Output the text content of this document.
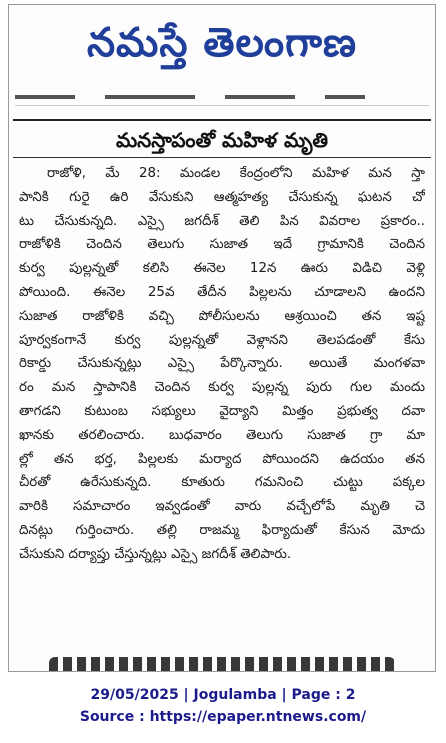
నమస్తే తెలంగాణ
మనస్తాపంతో మహిళ మృతి
రాజోళి, మే 28: మండల కేంద్రంలోని మహిళ మన స్తా
పానికి గురై ఉరి వేసుకుని ఆత్మహత్య చేసుకున్న ఘటన చో
టు చేసుకున్నది. ఎస్సై జగదీశ్ తెలి పిన వివరాల ప్రకారం..
రాజోళికి చెందిన తెలుగు సుజాత ఇదే గ్రామానికి చెందిన
కుర్వ పుల్లన్నతో కలిసి ఈనెల 12న ఊరు విడిచి వెళ్లి
పోయింది. ఈనెల 25వ తేదీన పిల్లలను చూడాలని ఉందని
సుజాత రాజోళికి వచ్చి పోలీసులను ఆశ్రయించి తన ఇష్ట
పూర్వకంగానే కుర్వ పుల్లన్నతో వెళ్లానని తెలపడంతో కేసు
రికార్డు చేసుకున్నట్లు ఎస్సై పేర్కొన్నారు. అయితే మంగళవా
రం మన స్తాపానికి చెందిన కుర్వ పుల్లన్న పురు గుల మందు
తాగడని కుటుంబ సభ్యులు వైద్యాని మిత్తం ప్రభుత్వ దవా
ఖానకు తరలించారు. బుధవారం తెలుగు సుజాత గ్రా మా
ల్లో తన భర్త, పిల్లలకు మర్యాద పోయిందని ఉదయం తన
చీరతో ఉరేసుకున్నది. కూతురు గమనించి చుట్టు పక్కల
వారికి సమాచారం ఇవ్వడంతో వారు వచ్చేలోపే మృతి చె
దినట్లు గుర్తించారు. తల్లి రాజమ్మ ఫిర్యాదుతో కేసున మోదు
చేసుకుని దర్యాప్తు చేస్తున్నట్లు ఎస్సై జగదీశ్ తెలిపారు.
29/05/2025 | Jogulamba | Page : 2
Source : https://epaper.ntnews.com/
